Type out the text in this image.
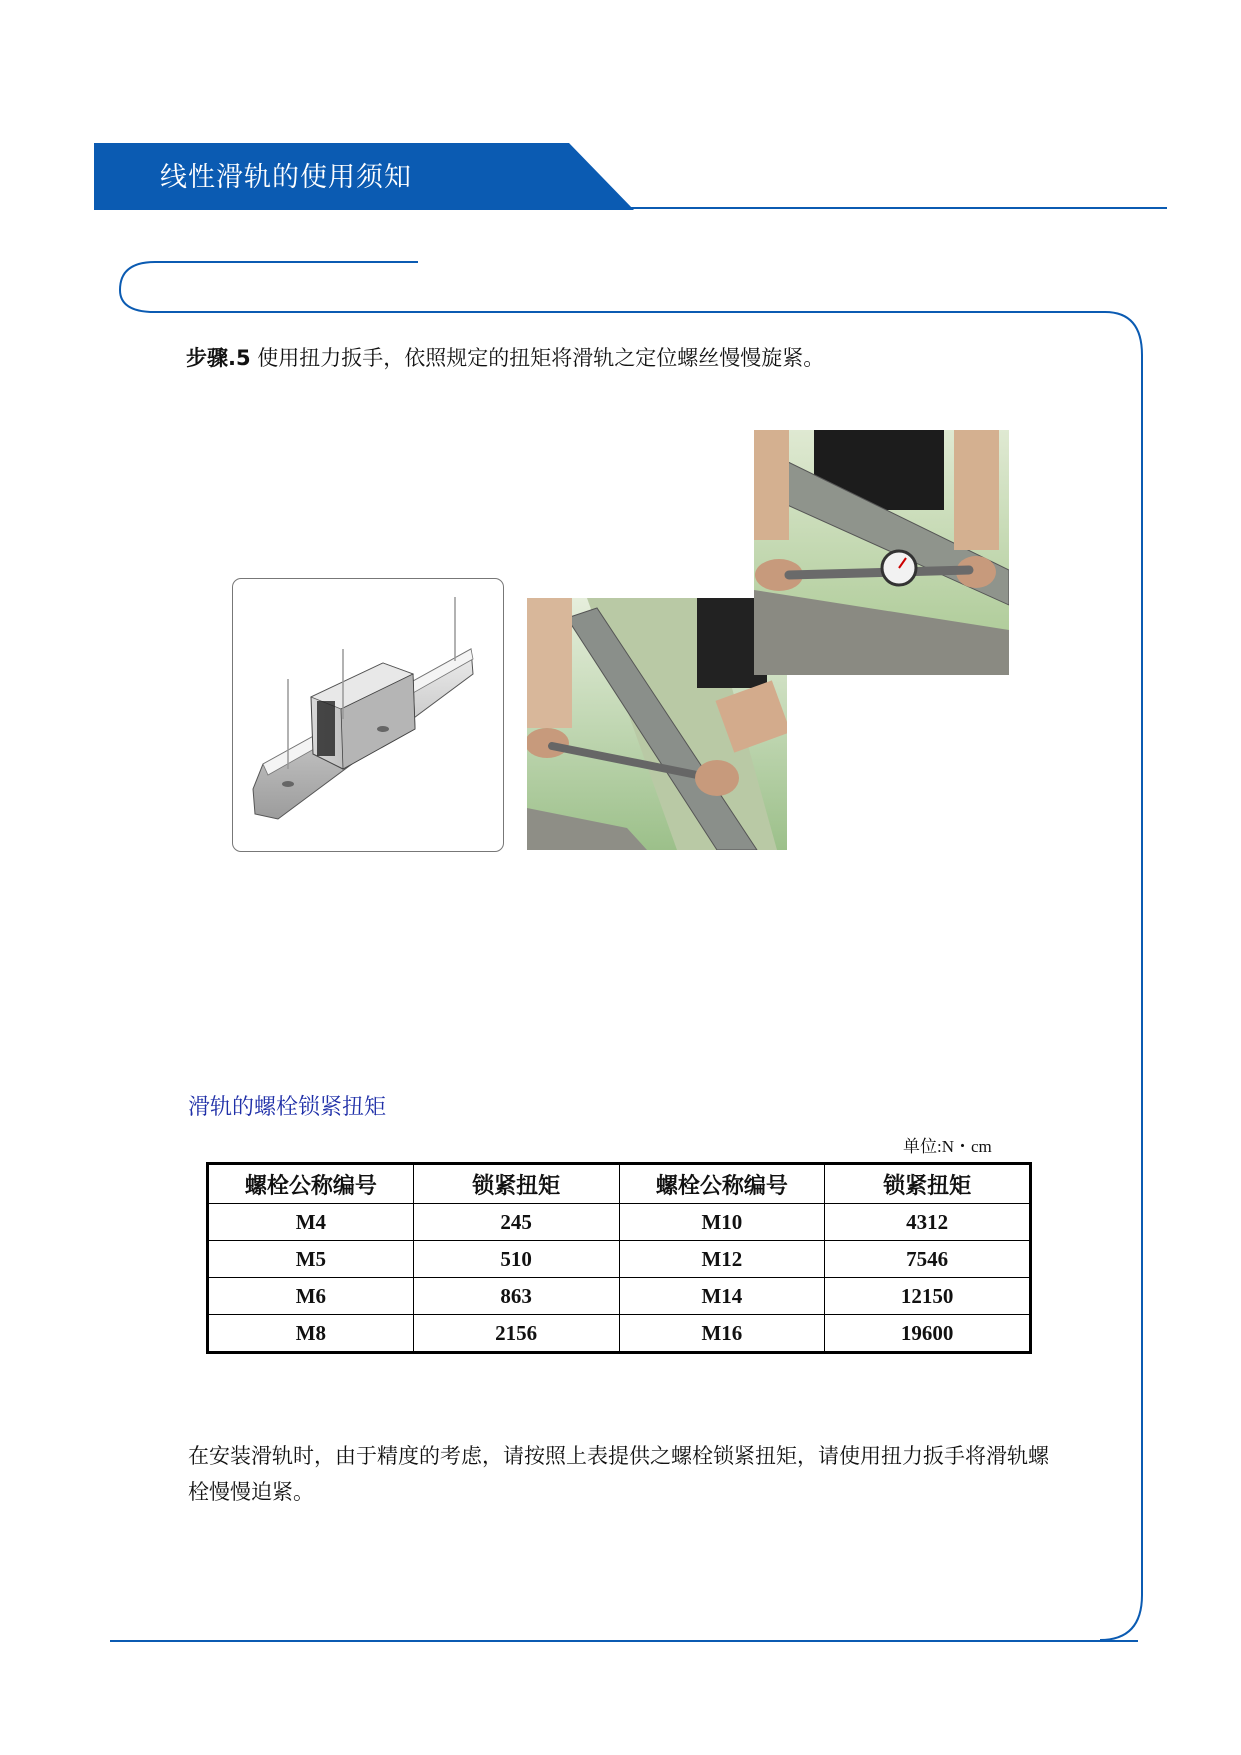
线性滑轨的使用须知
步骤.5 使用扭力扳手，依照规定的扭矩将滑轨之定位螺丝慢慢旋紧。
滑轨的螺栓锁紧扭矩
单位:N・cm
螺栓公称编号	锁紧扭矩	螺栓公称编号	锁紧扭矩
M4	245	M10	4312
M5	510	M12	7546
M6	863	M14	12150
M8	2156	M16	19600
在安装滑轨时，由于精度的考虑，请按照上表提供之螺栓锁紧扭矩，请使用扭力扳手将滑轨螺栓慢慢迫紧。
